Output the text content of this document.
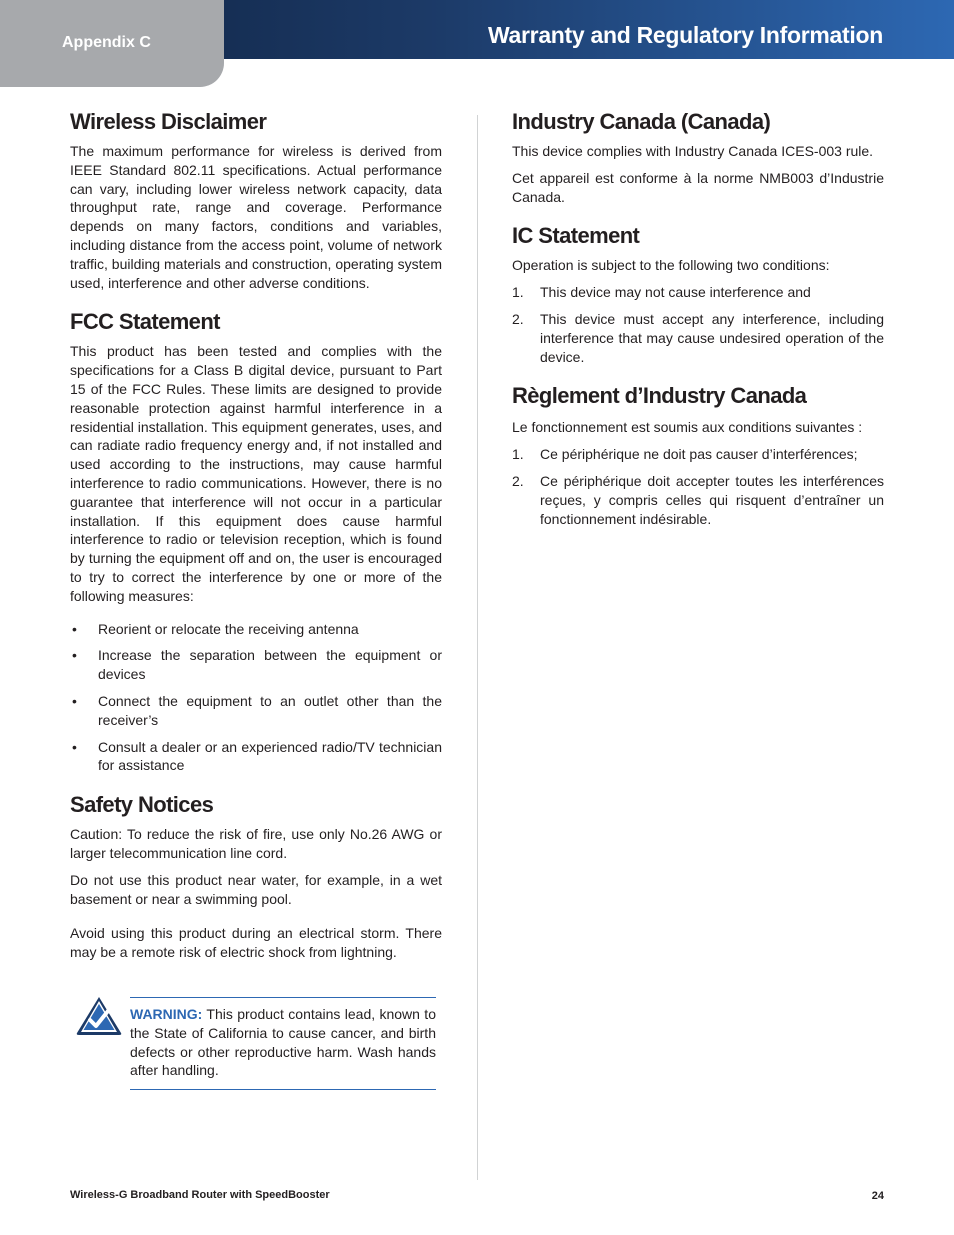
Appendix C	Warranty and Regulatory Information
Wireless Disclaimer

The maximum performance for wireless is derived from IEEE Standard 802.11 specifications. Actual performance can vary, including lower wireless network capacity, data throughput rate, range and coverage. Performance depends on many factors, conditions and variables, including distance from the access point, volume of network traffic, building materials and construction, operating system used, interference and other adverse conditions.

FCC Statement

This product has been tested and complies with the specifications for a Class B digital device, pursuant to Part 15 of the FCC Rules. These limits are designed to provide reasonable protection against harmful interference in a residential installation. This equipment generates, uses, and can radiate radio frequency energy and, if not installed and used according to the instructions, may cause harmful interference to radio communications. However, there is no guarantee that interference will not occur in a particular installation. If this equipment does cause harmful interference to radio or television reception, which is found by turning the equipment off and on, the user is encouraged to try to correct the interference by one or more of the following measures:

• Reorient or relocate the receiving antenna
• Increase the separation between the equipment or devices
• Connect the equipment to an outlet other than the receiver’s
• Consult a dealer or an experienced radio/TV technician for assistance
Safety Notices

Caution: To reduce the risk of fire, use only No.26 AWG or larger telecommunication line cord.

Do not use this product near water, for example, in a wet basement or near a swimming pool.

Avoid using this product during an electrical storm. There may be a remote risk of electric shock from lightning.

WARNING: This product contains lead, known to the State of California to cause cancer, and birth defects or other reproductive harm. Wash hands after handling.

Industry Canada (Canada)

This device complies with Industry Canada ICES-003 rule.

Cet appareil est conforme à la norme NMB003 d’Industrie Canada.

IC Statement

Operation is subject to the following two conditions:

1. This device may not cause interference and
2. This device must accept any interference, including interference that may cause undesired operation of the device.
Règlement d’Industry Canada

Le fonctionnement est soumis aux conditions suivantes :

1. Ce périphérique ne doit pas causer d’interférences;
2. Ce périphérique doit accepter toutes les interférences reçues, y compris celles qui risquent d’entraîner un fonctionnement indésirable.
Wireless-G Broadband Router with SpeedBooster	24
